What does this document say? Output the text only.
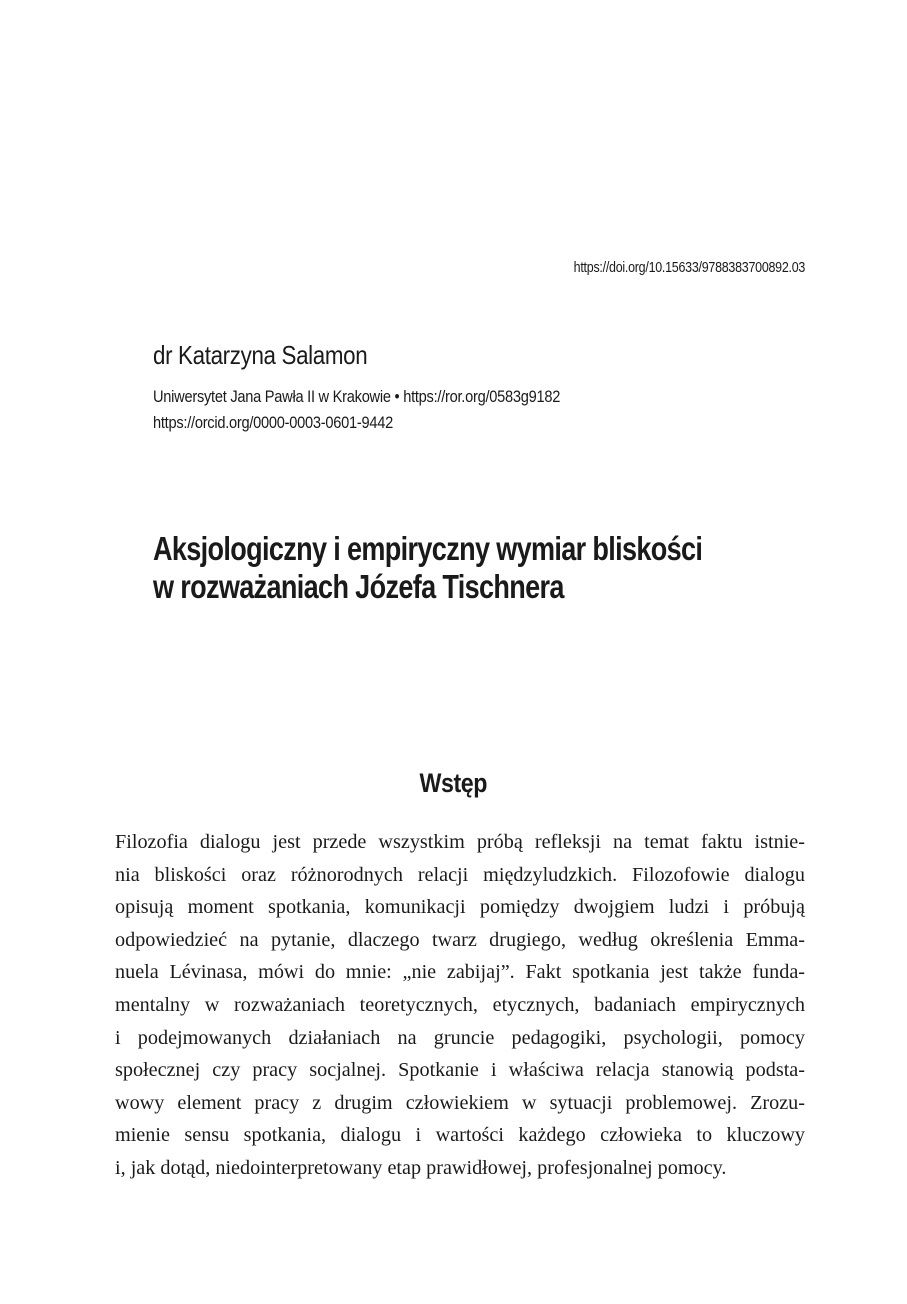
https://doi.org/10.15633/9788383700892.03
dr Katarzyna Salamon
Uniwersytet Jana Pawła II w Krakowie • https://ror.org/0583g9182
https://orcid.org/0000-0003-0601-9442
Aksjologiczny i empiryczny wymiar bliskości
w rozważaniach Józefa Tischnera
Wstęp
Filozofia dialogu jest przede wszystkim próbą refleksji na temat faktu istnie-
nia bliskości oraz różnorodnych relacji międzyludzkich. Filozofowie dialogu
opisują moment spotkania, komunikacji pomiędzy dwojgiem ludzi i próbują
odpowiedzieć na pytanie, dlaczego twarz drugiego, według określenia Emma-
nuela Lévinasa, mówi do mnie: „nie zabijaj”. Fakt spotkania jest także funda-
mentalny w rozważaniach teoretycznych, etycznych, badaniach empirycznych
i podejmowanych działaniach na gruncie pedagogiki, psychologii, pomocy
społecznej czy pracy socjalnej. Spotkanie i właściwa relacja stanowią podsta-
wowy element pracy z drugim człowiekiem w sytuacji problemowej. Zrozu-
mienie sensu spotkania, dialogu i wartości każdego człowieka to kluczowy
i, jak dotąd, niedointerpretowany etap prawidłowej, profesjonalnej pomocy.
